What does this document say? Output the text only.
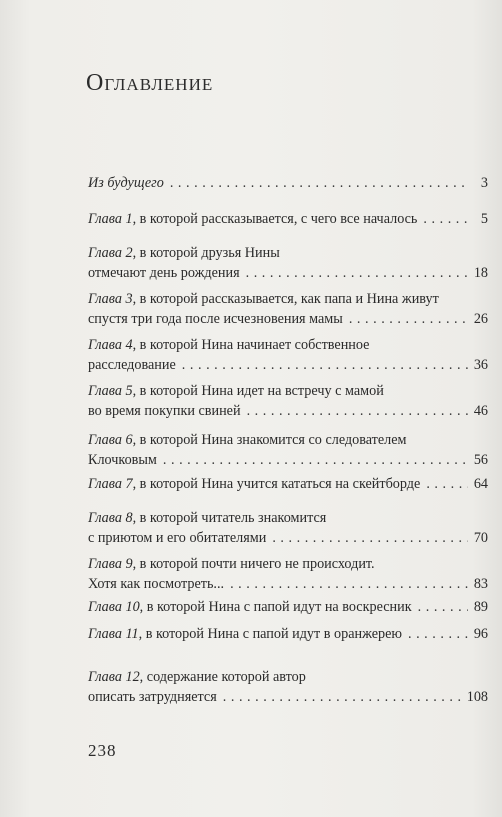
Оглавление
Из будущего . . .	3
Глава 1, в которой рассказывается, с чего все началось . . .	5
Глава 2, в которой друзья Нины
отмечают день рождения . . .	18
Глава 3, в которой рассказывается, как папа и Нина живут
спустя три года после исчезновения мамы . . .	26
Глава 4, в которой Нина начинает собственное
расследование . . .	36
Глава 5, в которой Нина идет на встречу с мамой
во время покупки свиней . . .	46
Глава 6, в которой Нина знакомится со следователем
Клочковым . . .	56
Глава 7, в которой Нина учится кататься на скейтборде . . .	64
Глава 8, в которой читатель знакомится
с приютом и его обитателями . . .	70
Глава 9, в которой почти ничего не происходит.
Хотя как посмотреть... . . .	83
Глава 10, в которой Нина с папой идут на воскресник . . .	89
Глава 11, в которой Нина с папой идут в оранжерею . . .	96
Глава 12, содержание которой автор
описать затрудняется . . .	108
238
